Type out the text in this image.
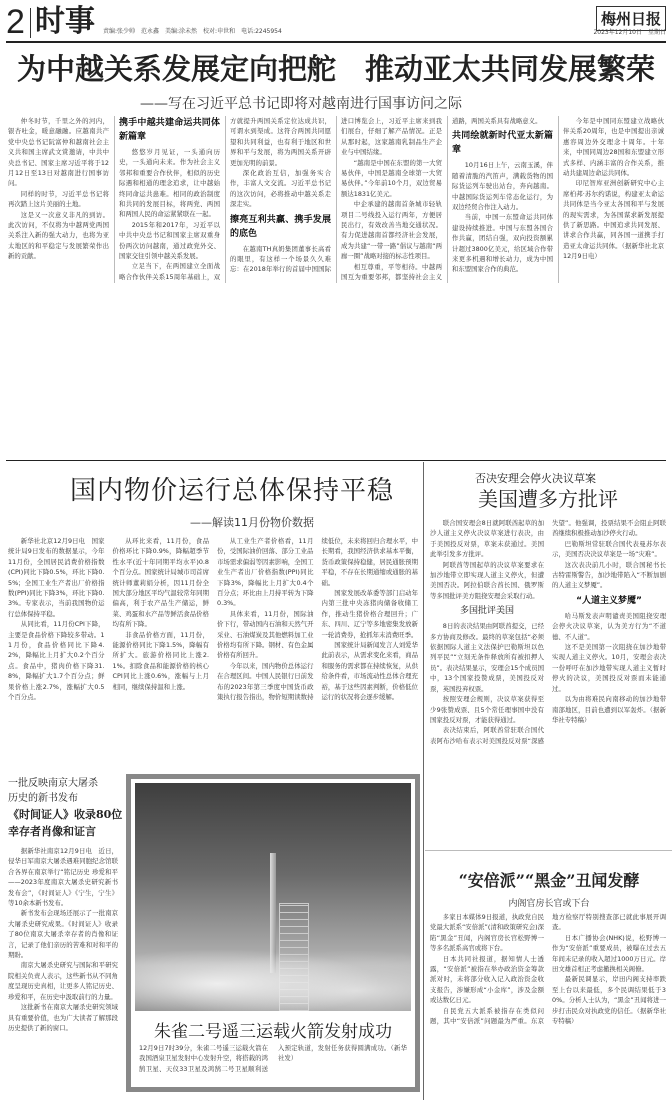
2 时事 责编:张少帅　范永鑫　美编:涂未然　校对:申世和　电话:2245954
梅州日报
2023年12月10日　星期日
为中越关系发展定向把舵　推动亚太共同发展繁荣
——写在习近平总书记即将对越南进行国事访问之际

仲冬时节，千里之外的河内，银杏吐金，暖意融融。应越南共产党中央总书记阮富仲和越南社会主义共和国主席武文赏邀请，中共中央总书记、国家主席习近平将于12月12日至13日对越南进行国事访问。

同样的时节，习近平总书记将再次踏上这片美丽的土地。

这是又一次意义非凡的到访。此次访问，不仅将为中越两党两国关系注入新的强大动力，也将为亚太地区的和平稳定与发展繁荣作出新的贡献。

携手中越共建命运共同体新篇章

悠悠岁月见证，一头通向历史，一头通向未来。作为社会主义邻邦和重要合作伙伴，相似的历史际遇和相通的理念追求，让中越始终同命运共患难。相同的政治制度和共同的发展目标，将两党、两国和两国人民的命运紧紧联在一起。

2015年和2017年，习近平以中共中央总书记和国家主席双重身份两次访问越南，通过政党外交、国家交往引领中越关系发展。

立足当下，在两国建立全面战略合作伙伴关系15周年基础上，双方就提升两国关系定位达成共识，可谓水到渠成。这符合两国共同愿望和共同利益，也有利于地区和世界和平与发展，将为两国关系开辟更加光明的前景。

深化政治互信，加强务实合作，丰富人文交流。习近平总书记的这次访问，必将推动中越关系走深走实。

擦亮互利共赢、携手发展的底色

在越南TH真奶集团董事长高看的眼里，有这样一个场景久久难忘：在2018年举行的首届中国国际进口博览会上，习近平主席来到我们展台，仔细了解产品情况。正是从那时起，这家越南乳制品生产企业与中国结缘。

“越南是中国在东盟的第一大贸易伙伴，中国是越南全球第一大贸易伙伴。”今年前10个月，双边贸易额达1831亿美元。

中企承建的越南首条城市轻轨项目二号线投入运行两年，方便居民出行，有效改善当地交通状况。有力促进越南首都经济社会发展，成为共建“一带一路”倡议与越南“两廊一圈”战略对接的标志性项目。

相互尊重，平等相待。中越两国互为重要邻邦，都坚持社会主义道路，两国关系具有战略意义。

共同绘就新时代亚太新篇章

10月16日上午，云南玉溪，伴随着清脆的汽笛声，满载货物的国际货运列车驶出站台，奔向越南。中越国际货运列车常态化运行，为双边经贸合作注入动力。

当前，中国一东盟命运共同体建设持续推进。中国与东盟各国合作共赢，团结自强，双向投资额累计超过3800亿美元，给区域合作带来更多机遇和增长动力，成为中国和东盟国家合作的典范。

今年是中国同东盟建立战略伙伴关系20周年，也是中国提出亲诚惠容周边外交理念十周年。十年来，中国同周边28国和东盟建立形式多样、内涵丰富的合作关系，推动共建周边命运共同体。

印尼智库亚洲创新研究中心主席柏邦·苏尔约诺说，构建亚太命运共同体是当今亚太各国和平与发展的现实需求，为各国谋求新发展提供了新思路。中国追求共同发展、讲求合作共赢，同各国一道携手打造亚太命运共同体。（据新华社北京12月9日电）

国内物价运行总体保持平稳
——解读11月份物价数据

新华社北京12月9日电　国家统计局9日发布的数据显示，今年11月份，全国居民消费价格指数(CPI)同比下降0.5%，环比下降0.5%；全国工业生产者出厂价格指数(PPI)同比下降3%，环比下降0.3%。专家表示，当前我国物价运行总体保持平稳。

从同比看，11月份CPI下降，主要是食品价格下降较多带动。11月份，食品价格同比下降4.2%，降幅比上月扩大0.2个百分点。食品中，猪肉价格下降31.8%，降幅扩大1.7个百分点；鲜果价格上涨2.7%，涨幅扩大0.5个百分点。

从环比来看，11月份，食品价格环比下降0.9%，降幅超季节性水平(近十年同期平均水平)0.8个百分点。国家统计局城市司首席统计师董莉娟分析，因11月份全国大部分地区平均气温较常年同期偏高，利于农产品生产储运，鲜菜、鸡蛋和水产品等鲜活食品价格均有所下降。

非食品价格方面，11月份，能源价格同比下降1.5%，降幅有所扩大。旅游价格同比上涨2.1%。扣除食品和能源价格的核心CPI同比上涨0.6%，涨幅与上月相同，继续保持温和上涨。

从工业生产者价格看，11月份，受国际油价回落、部分工业品市场需求偏弱等因素影响，全国工业生产者出厂价格指数(PPI)同比下降3%，降幅比上月扩大0.4个百分点；环比由上月持平转为下降0.3%。

具体来看，11月份，国际油价下行，带动国内石油和天然气开采业、石油煤炭及其他燃料加工业价格均有所下降。钢材、有色金属价格有所回升。

今年以来，国内物价总体运行在合理区间。中国人民银行日前发布的2023年第三季度中国货币政策执行报告指出，物价短期读数持续低位，未来将回归合理水平，中长期看，我国经济供求基本平衡，货币政策保持稳健，居民通胀预期平稳，不存在长期通缩或通胀的基础。

国家发展改革委等部门启动年内第三批中央冻猪肉储备收储工作，推动生猪价格合理回升；广东、四川、辽宁等多地密集发放新一轮消费券，抢抓年末消费旺季。

国家统计局新闻发言人刘爱华此前表示，从需求变化来看，商品和服务的需求都在持续恢复，从供给条件看，市场流动性总体合理充裕，基于这些因素判断，价格低位运行的状况将会逐步缓解。

否决安理会停火决议草案
美国遭多方批评

联合国安理会8日就阿联酋起草的加沙人道主义停火决议草案进行表决，由于美国投反对票，草案未获通过。美国此举引发多方批评。

阿联酋等国起草的决议草案要求在加沙地带立即实现人道主义停火，但遭美国否决。阿拉伯联合酋长国、俄罗斯等多国批评美方阻挠安理会采取行动。

多国批评美国

8日的表决结果由阿联酋提交，已经多方协商及修改。最终的草案包括“必须依据国际人道主义法保护巴勒斯坦以色列平民”“立刻无条件释放所有被扣押人员”。表决结果显示，安理会15个成员国中，13个国家投赞成票，美国投反对票，英国投弃权票。

按照安理会规则，决议草案获得至少9张赞成票、且5个常任理事国中没有国家投反对票，才能获得通过。

表决结束后，阿联酋常驻联合国代表阿布沙哈布表示对美国投反对票“深感失望”。他强调，投票结果不会阻止阿联酋继续积极推动加沙停火行动。

巴勒斯坦常驻联合国代表曼苏尔表示，美国否决决议草案是一场“灾难”。

这次表决前几小时，联合国秘书长古特雷斯警告，加沙地带陷入“不断加剧的人道主义梦魇”。

“人道主义梦魇”

哈马斯发表声明谴责美国阻挠安理会停火决议草案，认为美方行为“不道德、不人道”。

这不是美国第一次阻挠在加沙地带实现人道主义停火。10月，安理会表决一份呼吁在加沙地带实现人道主义暂时停火的决议，美国投反对票而未能通过。

以为由将难民向南移动的加沙地带南部地区，目前也遭到以军轰炸。（据新华社专特稿）

一批反映南京大屠杀
历史的新书发布
《时间证人》收录80位
幸存者肖像和证言

据新华社南京12月9日电　近日，侵华日军南京大屠杀遇难同胞纪念馆联合各界在南京举行“铭记历史 珍爱和平——2023年度南京大屠杀史研究新书发布会”，《时间证人》《宁生，宁生》等10余本新书发布。

新书发布会现场还展示了一批南京大屠杀史研究成果。《时间证人》收录了80位南京大屠杀幸存者的肖像和证言，记录了他们亲历的苦难和对和平的期盼。

南京大屠杀史研究与国际和平研究院相关负责人表示，这些新书从不同角度呈现历史真相，让更多人铭记历史、珍爱和平，在历史中汲取前行的力量。

这批新书在南京大屠杀史研究领域具有重要价值，也为广大读者了解那段历史提供了新的窗口。	朱雀二号遥三运载火箭发射成功
12月9日7时39分，朱雀二号遥三运载火箭在我国酒泉卫星发射中心发射升空，将搭载的鸿鹄卫星、天仪33卫星及鸿鹄二号卫星顺利送入预定轨道，发射任务获得圆满成功。（新华社发）
“安倍派”“黑金”丑闻发酵
内阁官房长官或下台

多家日本媒体9日报道，执政党自民党最大派系“安倍派”(清和政策研究会)深陷“黑金”丑闻，内阁官房长官松野博一等多名派系高官或将下台。

日本共同社报道，据知情人士透露，“安倍派”被指在举办政治资金筹款派对时，未将部分收入记入政治资金收支报告，涉嫌形成“小金库”，涉及金额或达数亿日元。

自民党五大派系被指存在类似问题，其中“安倍派”问题最为严重。东京地方检察厅特别搜查部已就此事展开调查。

日本广播协会(NHK)说，松野博一作为“安倍派”重要成员，被曝在过去五年间未记录的收入超过1000万日元。岸田文雄首相正考虑撤换相关阁僚。

最新民调显示，岸田内阁支持率跌至上台以来最低，多个民调结果低于30%。分析人士认为，“黑金”丑闻将进一步打击民众对执政党的信任。（据新华社专特稿）
